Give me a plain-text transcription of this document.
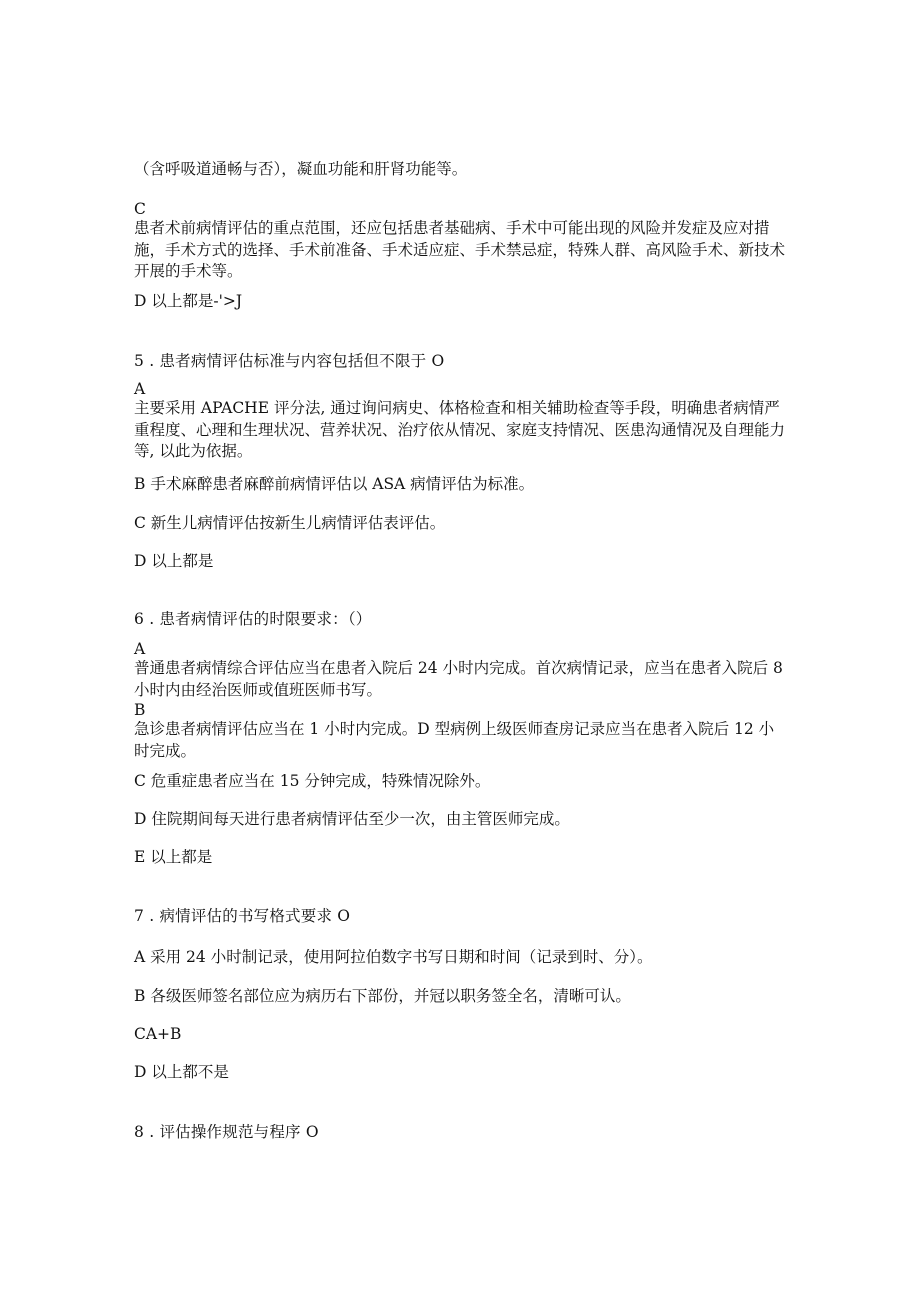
（含呼吸道通畅与否），凝血功能和肝肾功能等。
C
患者术前病情评估的重点范围，还应包括患者基础病、手术中可能出现的风险并发症及应对措施，手术方式的选择、手术前准备、手术适应症、手术禁忌症，特殊人群、高风险手术、新技术开展的手术等。
D 以上都是-'>J
5 . 患者病情评估标准与内容包括但不限于 O
A
主要采用 APACHE 评分法, 通过询问病史、体格检查和相关辅助检查等手段，明确患者病情严重程度、心理和生理状况、营养状况、治疗依从情况、家庭支持情况、医患沟通情况及自理能力等, 以此为依据。
B 手术麻醉患者麻醉前病情评估以 ASA 病情评估为标准。
C 新生儿病情评估按新生儿病情评估表评估。
D 以上都是
6 . 患者病情评估的时限要求：（）
A
普通患者病情综合评估应当在患者入院后 24 小时内完成。首次病情记录，应当在患者入院后 8 小时内由经治医师或值班医师书写。
B
急诊患者病情评估应当在 1 小时内完成。D 型病例上级医师查房记录应当在患者入院后 12 小时完成。
C 危重症患者应当在 15 分钟完成，特殊情况除外。
D 住院期间每天进行患者病情评估至少一次，由主管医师完成。
E 以上都是
7 . 病情评估的书写格式要求 O
A 采用 24 小时制记录，使用阿拉伯数字书写日期和时间（记录到时、分）。
B 各级医师签名部位应为病历右下部份，并冠以职务签全名，清晰可认。
CA+B
D 以上都不是
8 . 评估操作规范与程序 O
